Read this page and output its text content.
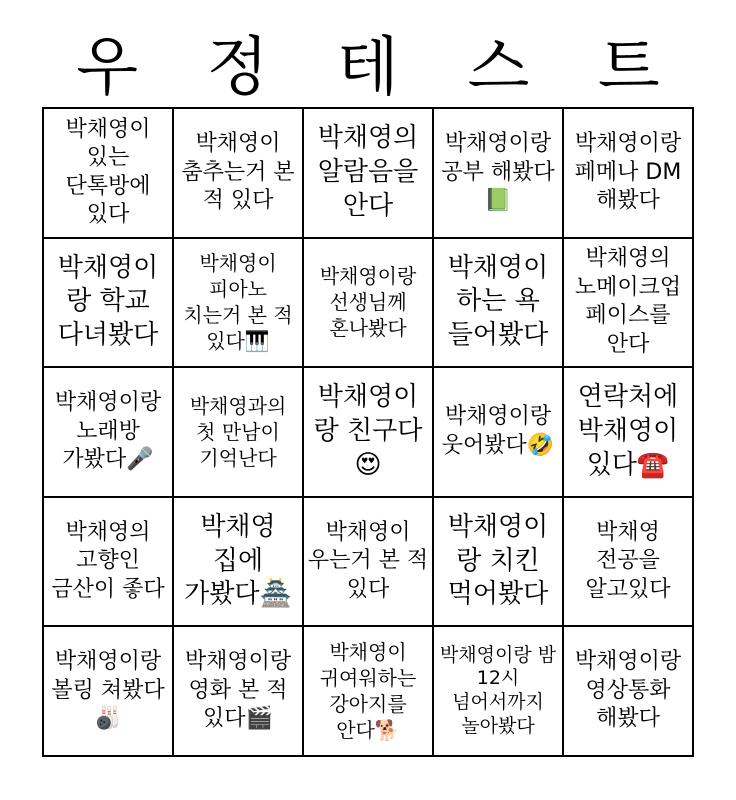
우	정	테	스	트
박채영이 있는 단톡방에 있다
박채영이 춤추는거 본 적 있다
박채영의 알람음을 안다
박채영이랑 공부 해봤다📗
박채영이랑 페메나 DM 해봤다
박채영이랑 학교 다녀봤다
박채영이 피아노 치는거 본 적 있다🎹
박채영이랑 선생님께 혼나봤다
박채영이 하는 욕 들어봤다
박채영의 노메이크업 페이스를 안다
박채영이랑 노래방 가봤다🎤
박채영과의 첫 만남이 기억난다
박채영이랑 친구다😍
박채영이랑 웃어봤다🤣
연락처에 박채영이 있다☎️
박채영의 고향인 금산이 좋다
박채영 집에 가봤다🏯
박채영이 우는거 본 적 있다
박채영이랑 치킨 먹어봤다
박채영 전공을 알고있다
박채영이랑 볼링 쳐봤다🎳
박채영이랑 영화 본 적 있다🎬
박채영이 귀여워하는 강아지를 안다🐕
박채영이랑 밤 12시 넘어서까지 놀아봤다
박채영이랑 영상통화 해봤다
